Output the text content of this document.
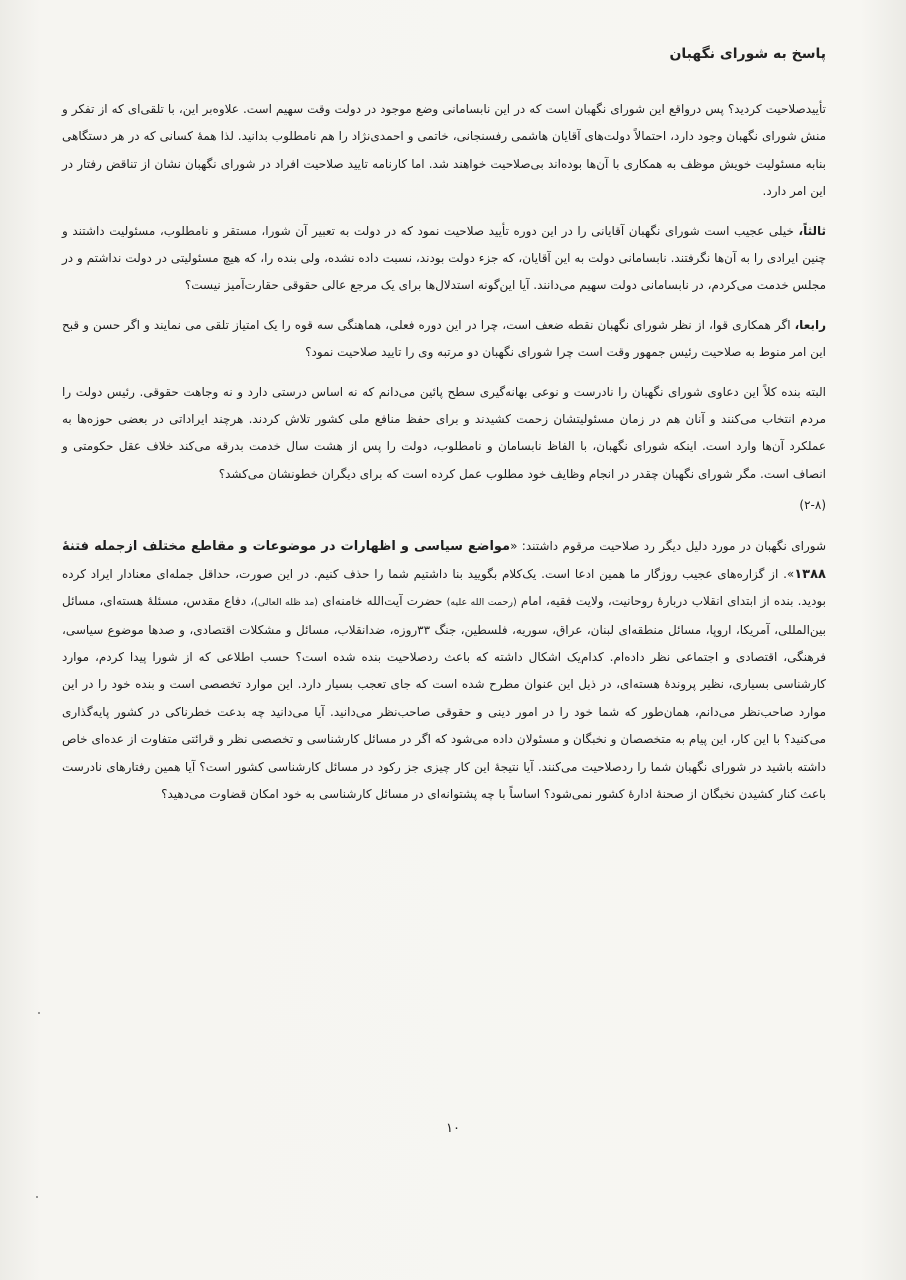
پاسخ به شورای نگهبان

تأییدصلاحیت کردید؟ پس درواقع این شورای نگهبان است که در این نابسامانی وضع موجود در دولت وقت سهیم است. علاوه‌بر این، با تلقی‌ای که از تفکر و منش شورای نگهبان وجود دارد، احتمالاً دولت‌های آقایان هاشمی رفسنجانی، خاتمی و احمدی‌نژاد را هم نامطلوب بدانید. لذا همهٔ کسانی که در هر دستگاهی بنابه مسئولیت خویش موظف به همکاری با آن‌ها بوده‌اند بی‌صلاحیت خواهند شد. اما کارنامه تایید صلاحیت افراد در شورای نگهبان نشان از تناقض رفتار در این امر دارد.

ثالثاً، خیلی عجیب است شورای نگهبان آقایانی را در این دوره تأیید صلاحیت نمود که در دولت به تعبیر آن شورا، مستقر و نامطلوب، مسئولیت داشتند و چنین ایرادی را به آن‌ها نگرفتند. نابسامانی دولت به این آقایان، که جزء دولت بودند، نسبت داده نشده، ولی بنده را، که هیچ مسئولیتی در دولت نداشتم و در مجلس خدمت می‌کردم، در نابسامانی دولت سهیم می‌دانند. آیا این‌گونه استدلال‌ها برای یک مرجع عالی حقوقی حقارت‌آمیز نیست؟

رابعا، اگر همکاری قوا، از نظر شورای نگهبان نقطه ضعف است، چرا در این دوره فعلی، هماهنگی سه قوه را یک امتیاز تلقی می نمایند و اگر حسن و قبح این امر منوط به صلاحیت رئیس جمهور وقت است چرا شورای نگهبان دو مرتبه وی را تایید صلاحیت نمود؟

البته بنده کلاً این دعاوی شورای نگهبان را نادرست و نوعی بهانه‌گیری سطح پائین می‌دانم که نه اساس درستی دارد و نه وجاهت حقوقی. رئیس دولت را مردم انتخاب می‌کنند و آنان هم در زمان مسئولیتشان زحمت کشیدند و برای حفظ منافع ملی کشور تلاش کردند. هرچند ایراداتی در بعضی حوزه‌ها به عملکرد آن‌ها وارد است. اینکه شورای نگهبان، با الفاظ نابسامان و نامطلوب، دولت را پس از هشت سال خدمت بدرقه می‌کند خلاف عقل حکومتی و انصاف است. مگر شورای نگهبان چقدر در انجام وظایف خود مطلوب عمل کرده است که برای دیگران خطونشان می‌کشد؟

(۲-۸)

شورای نگهبان در مورد دلیل دیگر رد صلاحیت مرقوم داشتند: «مواضع سیاسی و اظهارات در موضوعات و مقاطع مختلف ازجمله فتنهٔ ۱۳۸۸». از گزاره‌های عجیب روزگار ما همین ادعا است. یک‌کلام بگویید بنا داشتیم شما را حذف کنیم. در این صورت، حداقل جمله‌ای معنادار ایراد کرده بودید. بنده از ابتدای انقلاب دربارهٔ روحانیت، ولایت فقیه، امام (رحمت الله علیه) حضرت آیت‌الله خامنه‌ای (مد ظله العالی)، دفاع مقدس، مسئلهٔ هسته‌ای، مسائل بین‌المللی، آمریکا، اروپا، مسائل منطقه‌ای لبنان، عراق، سوریه، فلسطین، جنگ ۳۳روزه، ضدانقلاب، مسائل و مشکلات اقتصادی، و صدها موضوع سیاسی، فرهنگی، اقتصادی و اجتماعی نظر داده‌ام. کدام‌یک اشکال داشته که باعث ردصلاحیت بنده شده است؟ حسب اطلاعی که از شورا پیدا کردم، موارد کارشناسی بسیاری، نظیر پروندهٔ هسته‌ای، در ذیل این عنوان مطرح شده است که جای تعجب بسیار دارد. این موارد تخصصی است و بنده خود را در این موارد صاحب‌نظر می‌دانم، همان‌طور که شما خود را در امور دینی و حقوقی صاحب‌نظر می‌دانید. آیا می‌دانید چه بدعت خطرناکی در کشور پایه‌گذاری می‌کنید؟ با این کار، این پیام به متخصصان و نخبگان و مسئولان داده می‌شود که اگر در مسائل کارشناسی و تخصصی نظر و قرائتی متفاوت از عده‌ای خاص داشته باشید در شورای نگهبان شما را ردصلاحیت می‌کنند. آیا نتیجهٔ این کار چیزی جز رکود در مسائل کارشناسی کشور است؟ آیا همین رفتارهای نادرست باعث کنار کشیدن نخبگان از صحنهٔ ادارهٔ کشور نمی‌شود؟ اساساً با چه پشتوانه‌ای در مسائل کارشناسی به خود امکان قضاوت می‌دهید؟

۱۰
